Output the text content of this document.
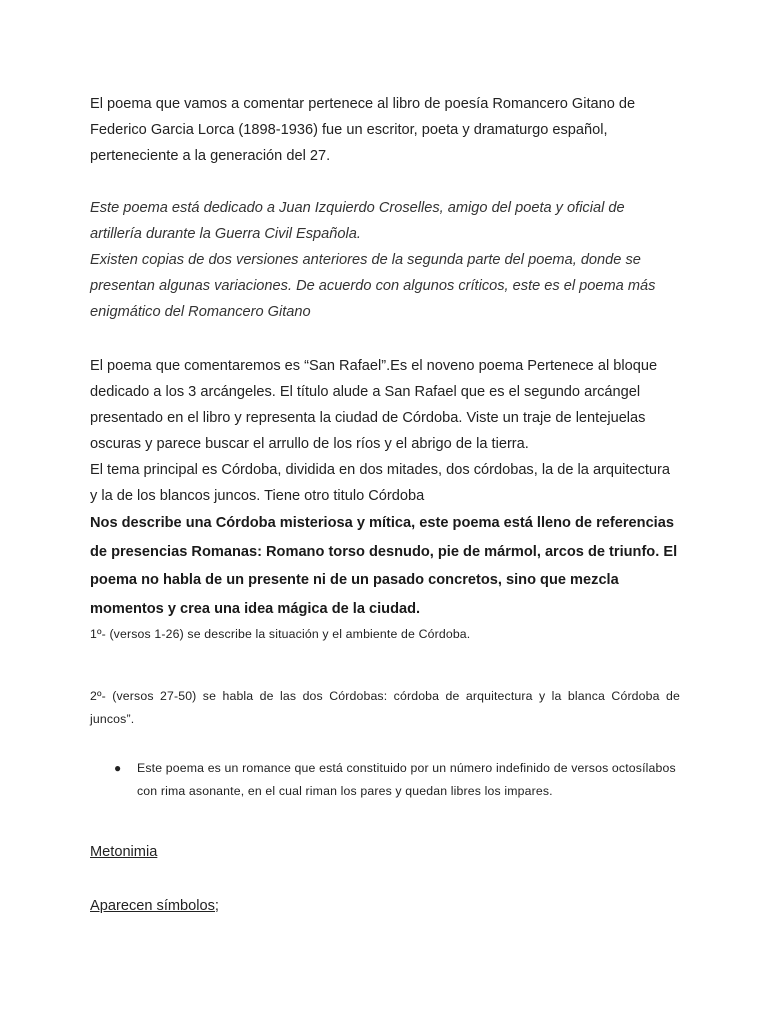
El poema que vamos a comentar pertenece al libro de poesía Romancero Gitano de Federico Garcia Lorca (1898-1936) fue un escritor, poeta y dramaturgo español, perteneciente a la generación del 27.

Este poema está dedicado a Juan Izquierdo Croselles, amigo del poeta y oficial de artillería durante la Guerra Civil Española.

Existen copias de dos versiones anteriores de la segunda parte del poema, donde se presentan algunas variaciones. De acuerdo con algunos críticos, este es el poema más enigmático del Romancero Gitano

El poema que comentaremos es “San Rafael”.Es el noveno poema Pertenece al bloque dedicado a los 3 arcángeles. El título alude a San Rafael que es el segundo arcángel presentado en el libro y representa la ciudad de Córdoba. Viste un traje de lentejuelas oscuras y parece buscar el arrullo de los ríos y el abrigo de la tierra.

El tema principal es Córdoba, dividida en dos mitades, dos córdobas, la de la arquitectura y la de los blancos juncos. Tiene otro titulo Córdoba

Nos describe una Córdoba misteriosa y mítica, este poema está lleno de referencias de presencias Romanas: Romano torso desnudo, pie de mármol, arcos de triunfo. El poema no habla de un presente ni de un pasado concretos, sino que mezcla momentos y crea una idea mágica de la ciudad.

1º- (versos 1-26) se describe la situación y el ambiente de Córdoba.

2º- (versos 27-50) se habla de las dos Córdobas: córdoba de arquitectura y la blanca Córdoba de juncos”.

● Este poema es un romance que está constituido por un número indefinido de versos octosílabos con rima asonante, en el cual riman los pares y quedan libres los impares.

Metonimia

Aparecen símbolos;
